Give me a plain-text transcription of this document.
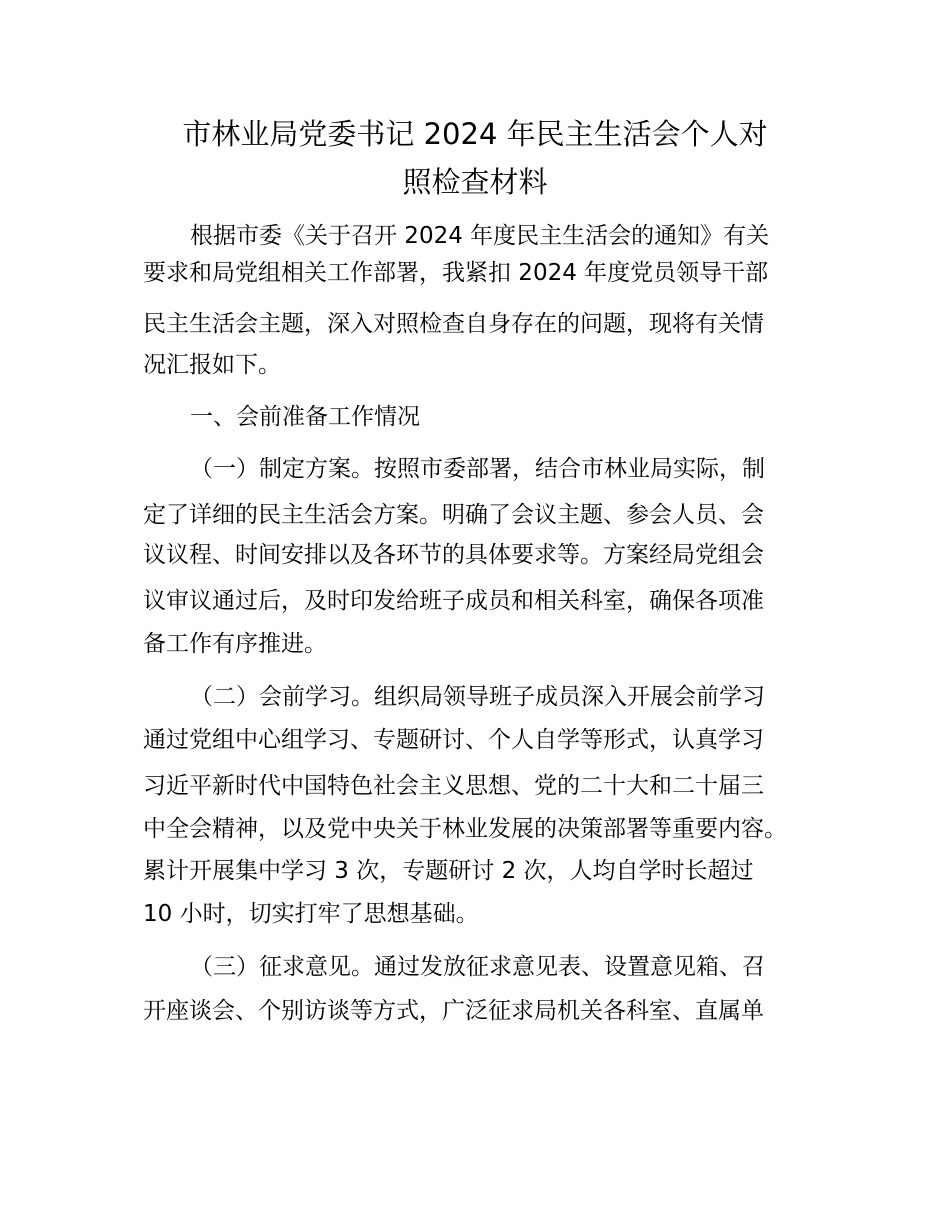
市林业局党委书记 2024 年民主生活会个人对
照检查材料

根据市委《关于召开 2024 年度民主生活会的通知》有关

要求和局党组相关工作部署，我紧扣 2024 年度党员领导干部

民主生活会主题，深入对照检查自身存在的问题，现将有关情

况汇报如下。

一、会前准备工作情况

（一）制定方案。按照市委部署，结合市林业局实际，制

定了详细的民主生活会方案。明确了会议主题、参会人员、会

议议程、时间安排以及各环节的具体要求等。方案经局党组会

议审议通过后，及时印发给班子成员和相关科室，确保各项准

备工作有序推进。

（二）会前学习。组织局领导班子成员深入开展会前学习

通过党组中心组学习、专题研讨、个人自学等形式，认真学习

习近平新时代中国特色社会主义思想、党的二十大和二十届三

中全会精神，以及党中央关于林业发展的决策部署等重要内容。

累计开展集中学习 3 次，专题研讨 2 次，人均自学时长超过

10 小时，切实打牢了思想基础。

（三）征求意见。通过发放征求意见表、设置意见箱、召

开座谈会、个别访谈等方式，广泛征求局机关各科室、直属单
